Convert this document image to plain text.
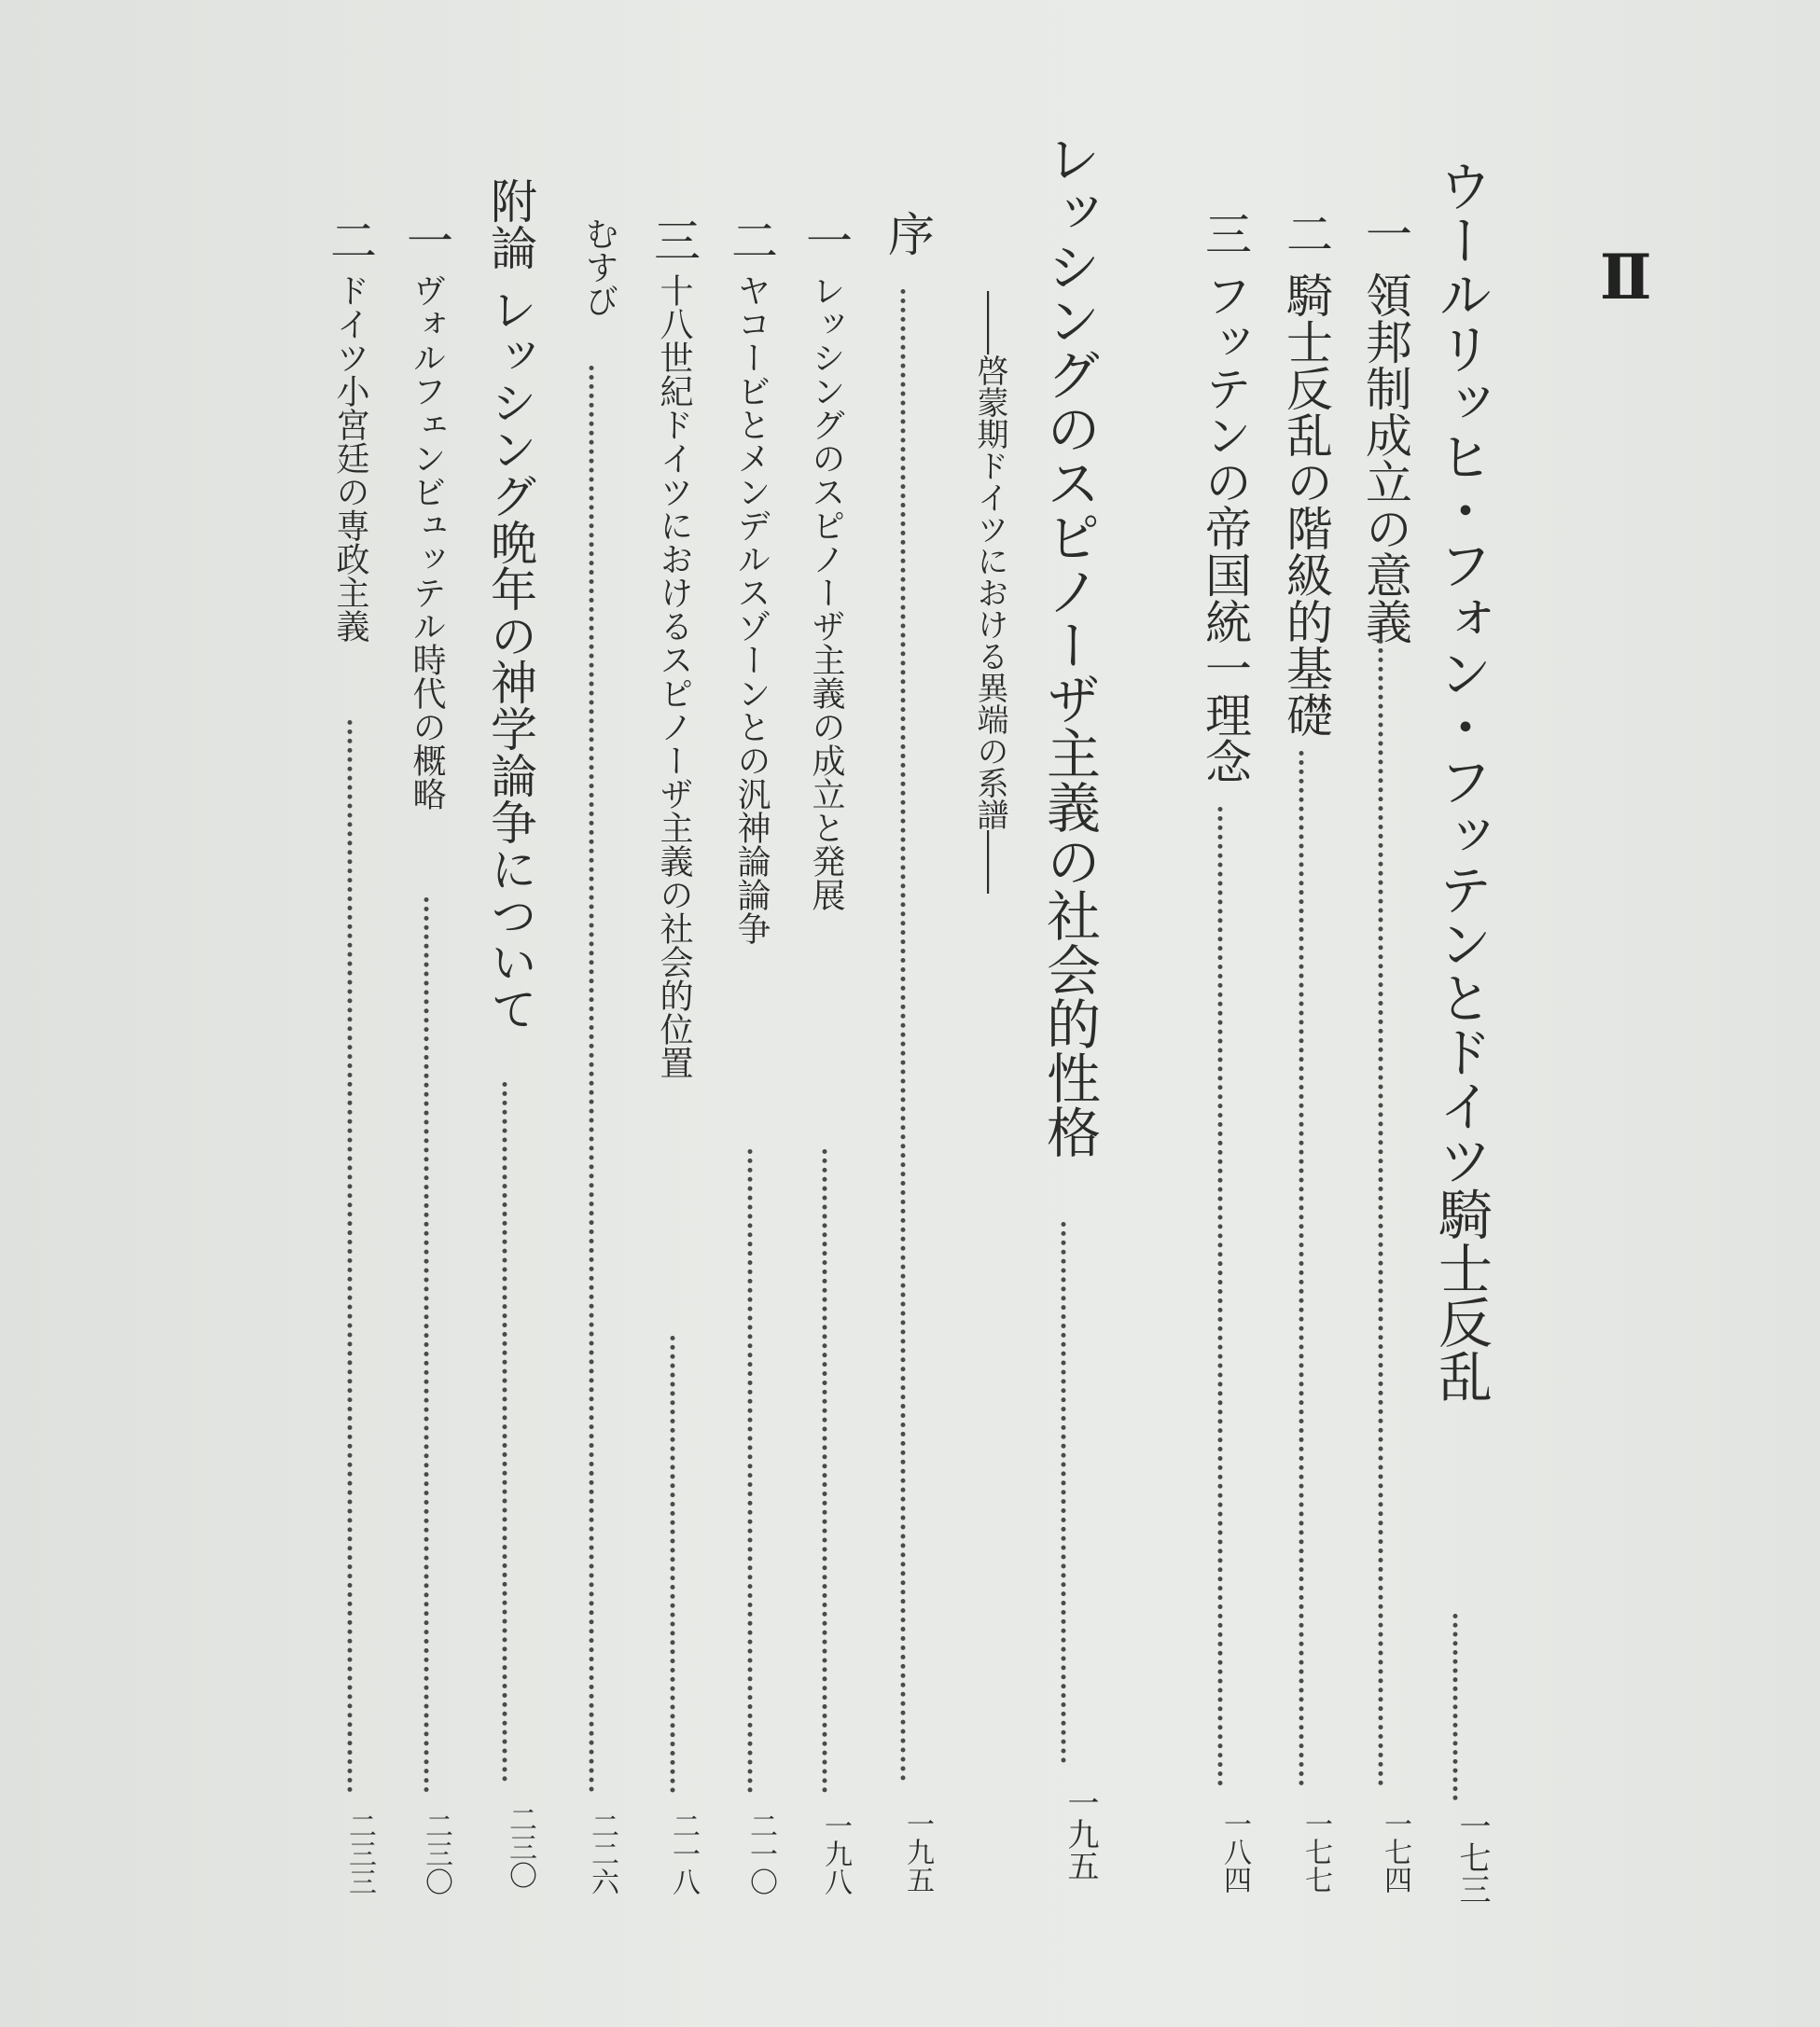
Ⅱ
ウールリッヒ・フォン・フッテンとドイツ騎士反乱
一七三
一 領邦制成立の意義
一七四
二 騎士反乱の階級的基礎
一七七
三 フッテンの帝国統一理念
一八四
レッシングのスピノーザ主義の社会的性格
一九五
――啓蒙期ドイツにおける異端の系譜――
序
一九五
一 レッシングのスピノーザ主義の成立と発展
一九八
二 ヤコービとメンデルスゾーンとの汎神論論争
二一〇
三 十八世紀ドイツにおけるスピノーザ主義の社会的位置
二一八
むすび
二二六
附論 レッシング晩年の神学論争について
二三〇
一 ヴォルフェンビュッテル時代の概略
二三〇
二 ドイツ小宮廷の専政主義
二三三
